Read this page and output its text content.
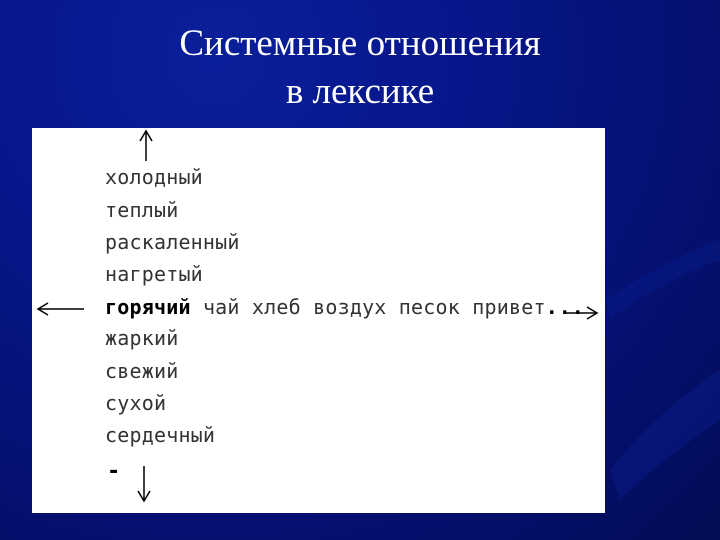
Системные отношения
в лексике
холодный
теплый
раскаленный
нагретый
горячий чай хлеб воздух песок привет...
жаркий
свежий
сухой
сердечный
-
